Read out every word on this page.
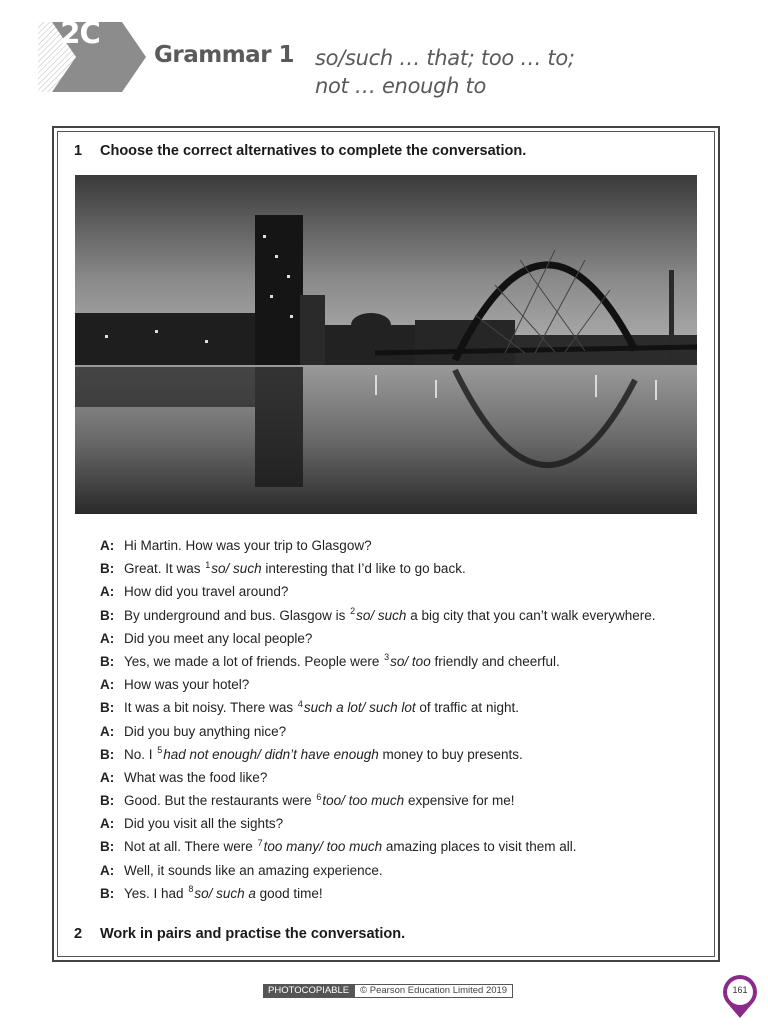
2C
Grammar 1 so/such … that; too … to;
not … enough to
1 Choose the correct alternatives to complete the conversation.
A: Hi Martin. How was your trip to Glasgow?
B: Great. It was $^1$so/ such interesting that I’d like to go back.
A: How did you travel around?
B: By underground and bus. Glasgow is $^2$so/ such a big city that you can’t walk everywhere.
A: Did you meet any local people?
B: Yes, we made a lot of friends. People were $^3$so/ too friendly and cheerful.
A: How was your hotel?
B: It was a bit noisy. There was $^4$such a lot/ such lot of traffic at night.
A: Did you buy anything nice?
B: No. I $^5$had not enough/ didn’t have enough money to buy presents.
A: What was the food like?
B: Good. But the restaurants were $^6$too/ too much expensive for me!
A: Did you visit all the sights?
B: Not at all. There were $^7$too many/ too much amazing places to visit them all.
A: Well, it sounds like an amazing experience.
B: Yes. I had $^8$so/ such a good time!
2 Work in pairs and practise the conversation.
PHOTOCOPIABLE	© Pearson Education Limited 2019	161
